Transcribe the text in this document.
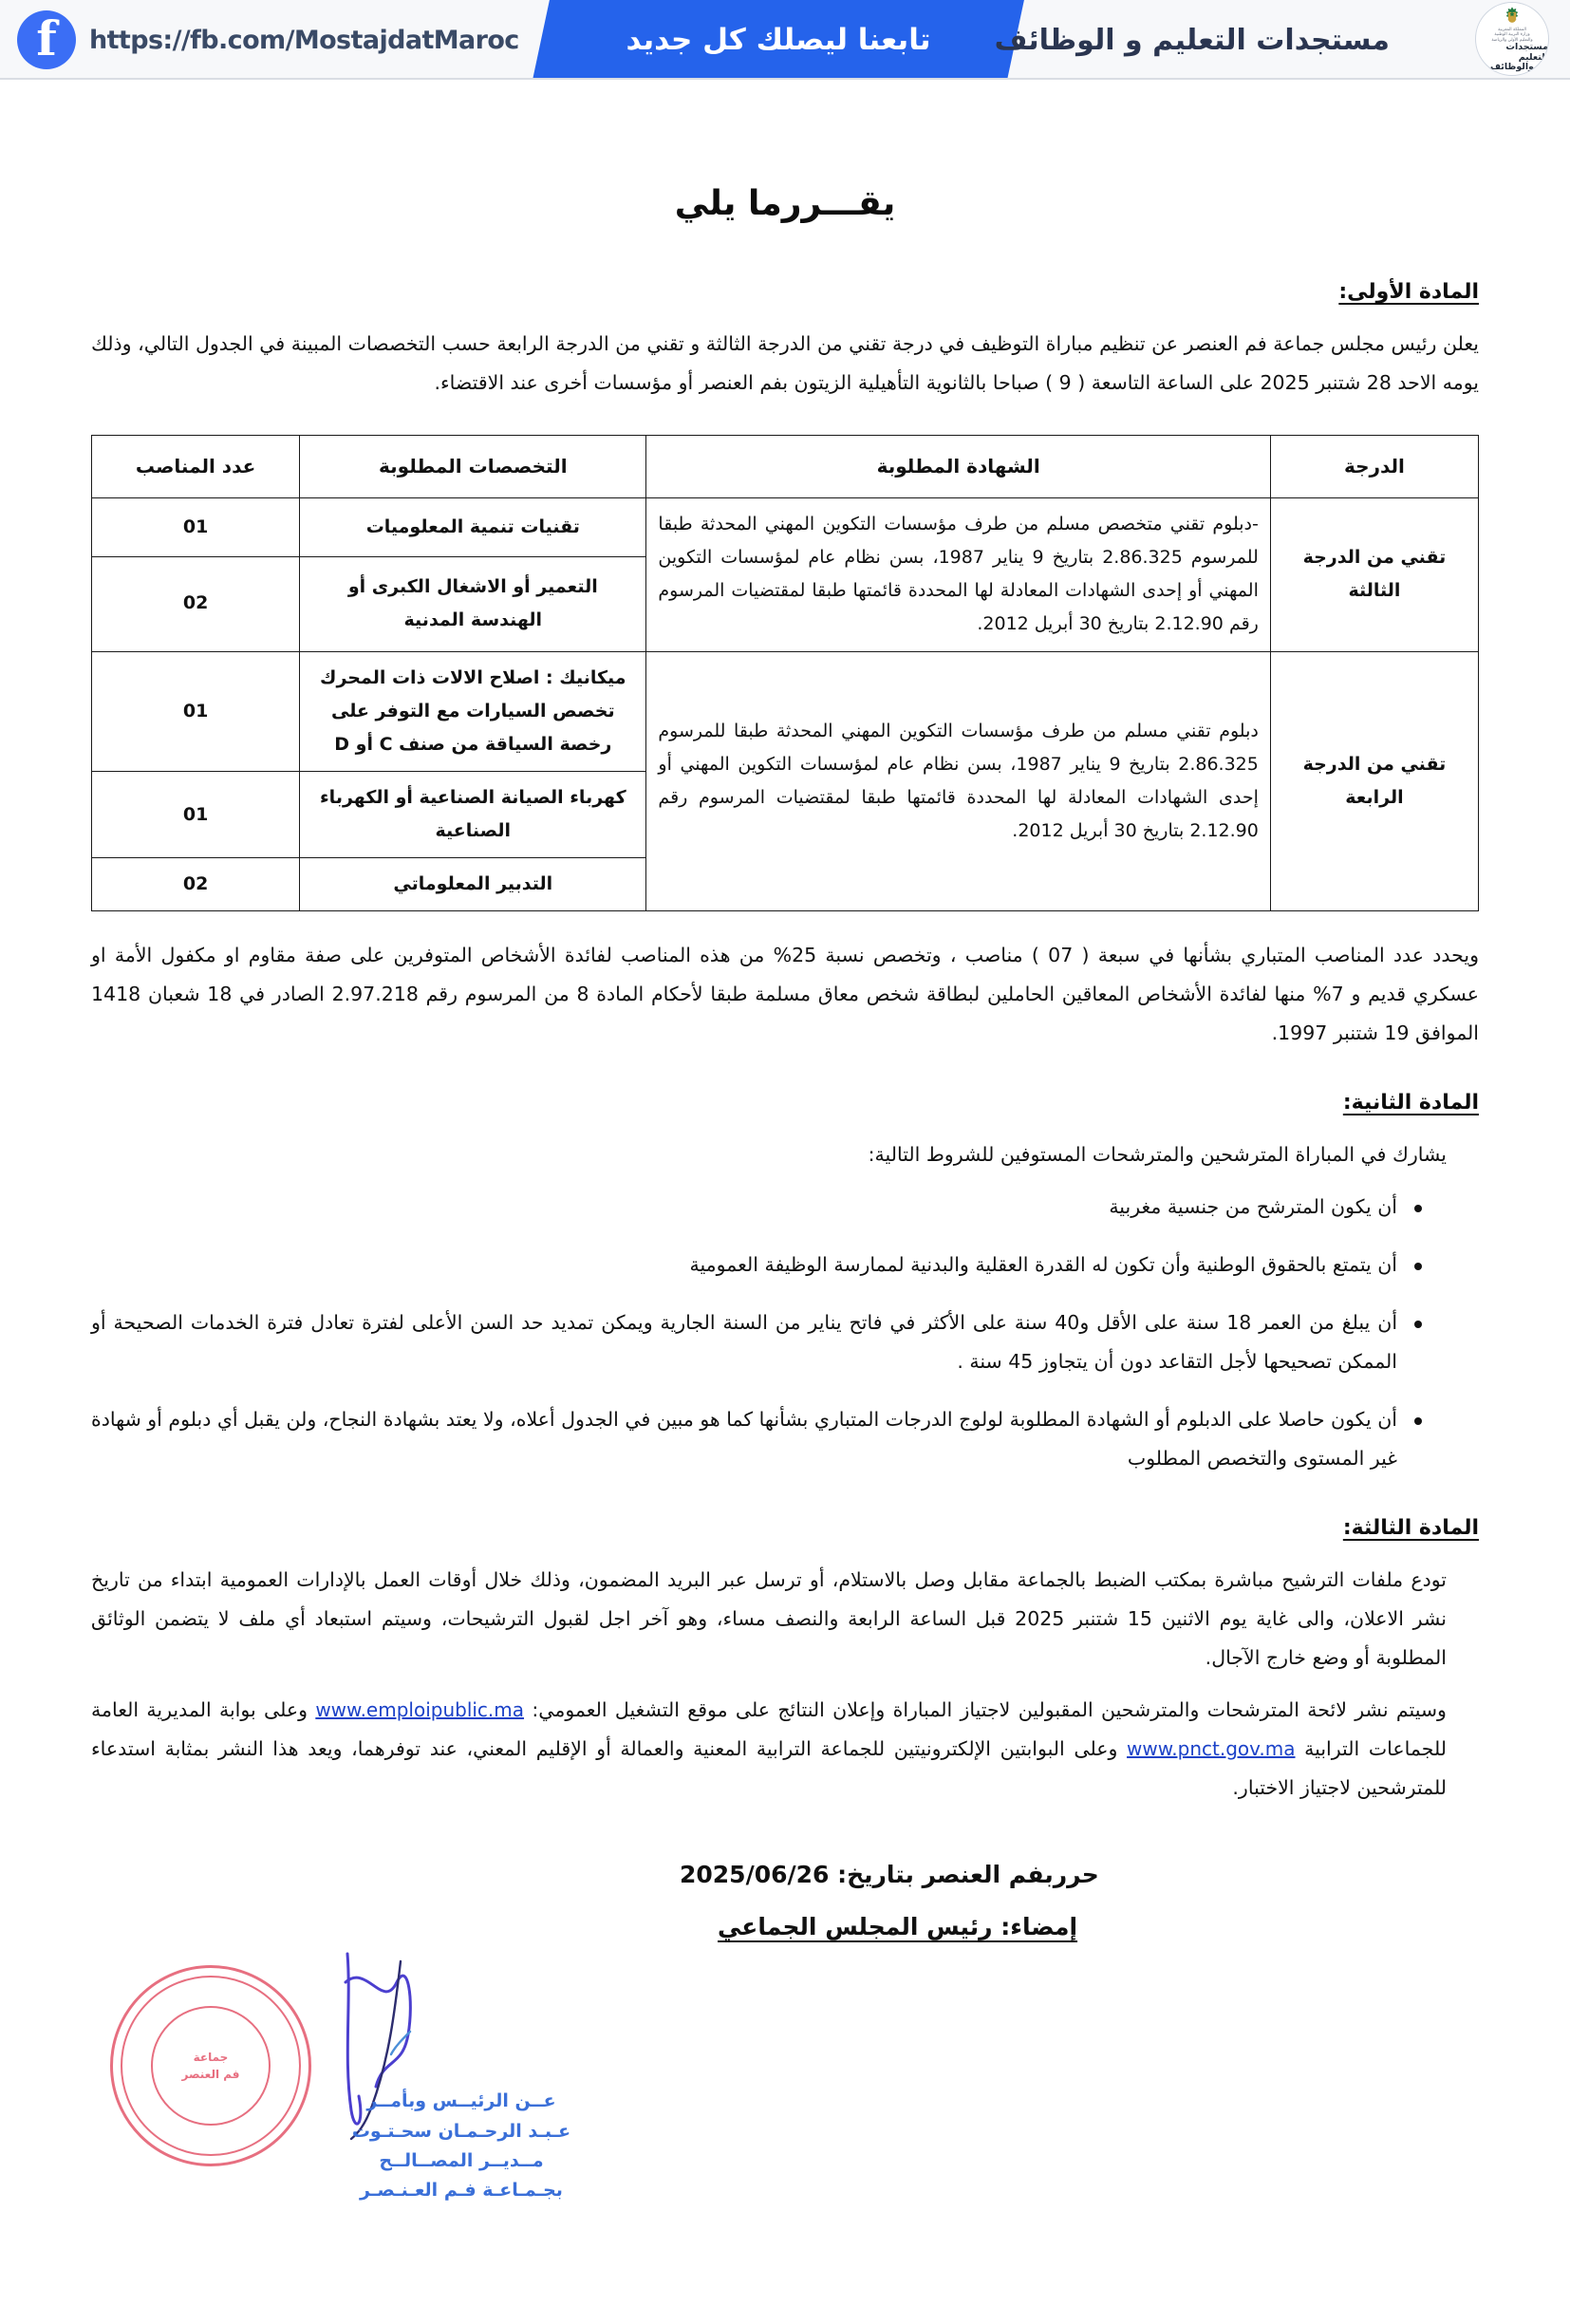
f
https://fb.com/MostajdatMaroc	تابعنا ليصلك كل جديد	مستجدات التعليم و الوظائف	المملكة المغربية
وزارة التربية الوطنية
والتعليم الأولي والرياضة
مستجدات التعليم
والوظائف
يقـــررما يلي
المادة الأولى:

يعلن رئيس مجلس جماعة فم العنصر عن تنظيم مباراة التوظيف في درجة تقني من الدرجة الثالثة و تقني من الدرجة الرابعة حسب التخصصات المبينة في الجدول التالي، وذلك يومه الاحد 28 شتنبر 2025 على الساعة التاسعة ( 9 ) صباحا بالثانوية التأهيلية الزيتون بفم العنصر أو مؤسسات أخرى عند الاقتضاء.

الدرجة	الشهادة المطلوبة	التخصصات المطلوبة	عدد المناصب
تقني من الدرجة الثالثة	-دبلوم تقني متخصص مسلم من طرف مؤسسات التكوين المهني المحدثة طبقا للمرسوم 2.86.325 بتاريخ 9 يناير 1987، بسن نظام عام لمؤسسات التكوين المهني أو إحدى الشهادات المعادلة لها المحددة قائمتها طبقا لمقتضيات المرسوم رقم 2.12.90 بتاريخ 30 أبريل 2012.	تقنيات تنمية المعلوميات	01
		التعمير أو الاشغال الكبرى أو الهندسة المدنية	02
تقني من الدرجة الرابعة	دبلوم تقني مسلم من طرف مؤسسات التكوين المهني المحدثة طبقا للمرسوم 2.86.325 بتاريخ 9 يناير 1987، بسن نظام عام لمؤسسات التكوين المهني أو إحدى الشهادات المعادلة لها المحددة قائمتها طبقا لمقتضيات المرسوم رقم 2.12.90 بتاريخ 30 أبريل 2012.	ميكانيك : اصلاح الالات ذات المحرك تخصص السيارات مع التوفر على رخصة السياقة من صنف C أو D	01
		كهرباء الصيانة الصناعية أو الكهرباء الصناعية	01
		التدبير المعلوماتي	02

ويحدد عدد المناصب المتباري بشأنها في سبعة ( 07 ) مناصب ، وتخصص نسبة 25% من هذه المناصب لفائدة الأشخاص المتوفرين على صفة مقاوم او مكفول الأمة او عسكري قديم و 7% منها لفائدة الأشخاص المعاقين الحاملين لبطاقة شخص معاق مسلمة طبقا لأحكام المادة 8 من المرسوم رقم 2.97.218 الصادر في 18 شعبان 1418 الموافق 19 شتنبر 1997.

المادة الثانية:

يشارك في المباراة المترشحين والمترشحات المستوفين للشروط التالية:

أن يكون المترشح من جنسية مغربية
أن يتمتع بالحقوق الوطنية وأن تكون له القدرة العقلية والبدنية لممارسة الوظيفة العمومية
أن يبلغ من العمر 18 سنة على الأقل و40 سنة على الأكثر في فاتح يناير من السنة الجارية ويمكن تمديد حد السن الأعلى لفترة تعادل فترة الخدمات الصحيحة أو الممكن تصحيحها لأجل التقاعد دون أن يتجاوز 45 سنة .
أن يكون حاصلا على الدبلوم أو الشهادة المطلوبة لولوج الدرجات المتباري بشأنها كما هو مبين في الجدول أعلاه، ولا يعتد بشهادة النجاح، ولن يقبل أي دبلوم أو شهادة غير المستوى والتخصص المطلوب
المادة الثالثة:

تودع ملفات الترشيح مباشرة بمكتب الضبط بالجماعة مقابل وصل بالاستلام، أو ترسل عبر البريد المضمون، وذلك خلال أوقات العمل بالإدارات العمومية ابتداء من تاريخ نشر الاعلان، والى غاية يوم الاثنين 15 شتنبر 2025 قبل الساعة الرابعة والنصف مساء، وهو آخر اجل لقبول الترشيحات، وسيتم استبعاد أي ملف لا يتضمن الوثائق المطلوبة أو وضع خارج الآجال.

وسيتم نشر لائحة المترشحات والمترشحين المقبولين لاجتياز المباراة وإعلان النتائج على موقع التشغيل العمومي: www.emploipublic.ma وعلى بوابة المديرية العامة للجماعات الترابية www.pnct.gov.ma وعلى البوابتين الإلكترونيتين للجماعة الترابية المعنية والعمالة أو الإقليم المعني، عند توفرهما، ويعد هذا النشر بمثابة استدعاء للمترشحين لاجتياز الاختبار.

حرربفم العنصر بتاريخ: 2025/06/26
إمضاء: رئيس المجلس الجماعي
جماعة
فم العنصر
عــن الرئيــس وبأمــر
عـبـد الرحـمـان سحـتـوت
مــديــر المصــالــح
بجـمـاعـة فـم العـنـصـر
